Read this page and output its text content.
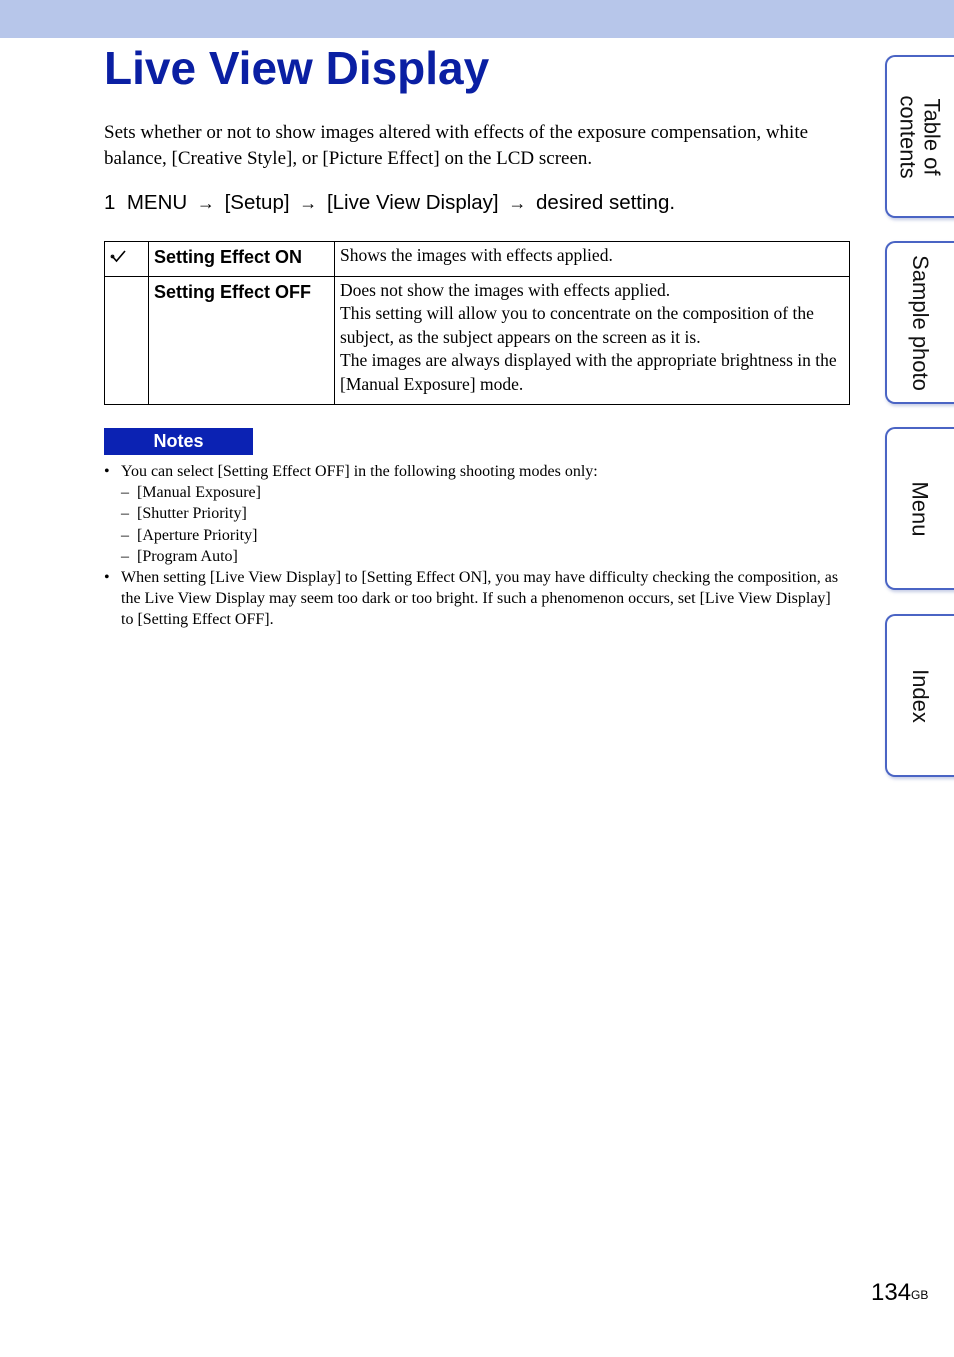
Live View Display
Sets whether or not to show images altered with effects of the exposure compensation, white balance, [Creative Style], or [Picture Effect] on the LCD screen.
1 MENU → [Setup] → [Live View Display] → desired setting.
	Setting Effect ON	Shows the images with effects applied.

	Setting Effect OFF	Does not show the images with effects applied.
This setting will allow you to concentrate on the composition of the subject, as the subject appears on the screen as it is.
The images are always displayed with the appropriate brightness in the [Manual Exposure] mode.
Notes
• You can select [Setting Effect OFF] in the following shooting modes only:
– [Manual Exposure]
– [Shutter Priority]
– [Aperture Priority]
– [Program Auto]
• When setting [Live View Display] to [Setting Effect ON], you may have difficulty checking the composition, as the Live View Display may seem too dark or too bright. If such a phenomenon occurs, set [Live View Display] to [Setting Effect OFF].
Table of
contents
Sample photo
Menu
Index
$134^{GB}$
